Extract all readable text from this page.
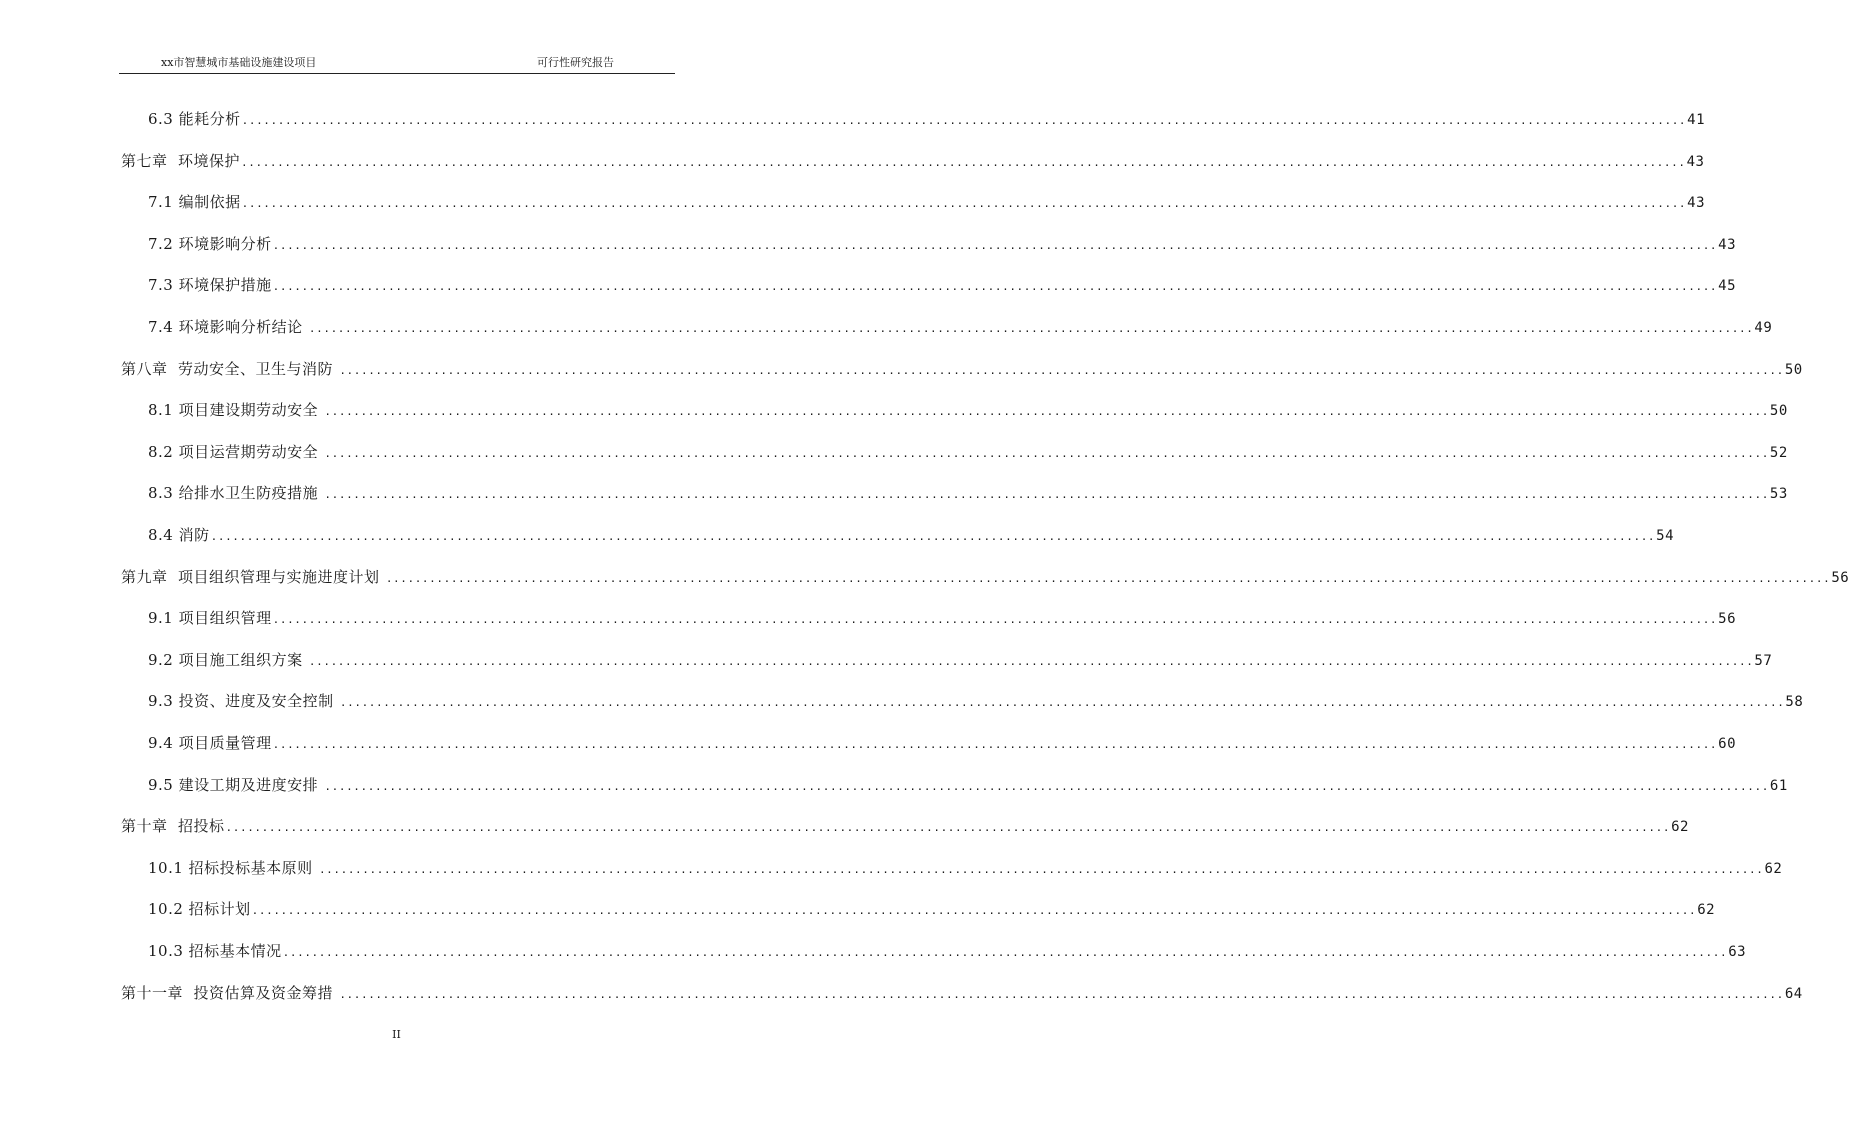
xx市智慧城市基础设施建设项目	可行性研究报告
6.3 能耗分析 ........................................................................................................................................................................................................ 41
第七章  环境保护 ........................................................................................................................................................................................................ 43
7.1 编制依据 ........................................................................................................................................................................................................ 43
7.2 环境影响分析 ........................................................................................................................................................................................................ 43
7.3 环境保护措施 ........................................................................................................................................................................................................ 45
7.4 环境影响分析结论 ........................................................................................................................................................................................................ 49
第八章  劳动安全、卫生与消防 ........................................................................................................................................................................................................ 50
8.1 项目建设期劳动安全 ........................................................................................................................................................................................................ 50
8.2 项目运营期劳动安全 ........................................................................................................................................................................................................ 52
8.3 给排水卫生防疫措施 ........................................................................................................................................................................................................ 53
8.4 消防 ........................................................................................................................................................................................................ 54
第九章  项目组织管理与实施进度计划 ........................................................................................................................................................................................................ 56
9.1 项目组织管理 ........................................................................................................................................................................................................ 56
9.2 项目施工组织方案 ........................................................................................................................................................................................................ 57
9.3 投资、进度及安全控制 ........................................................................................................................................................................................................ 58
9.4 项目质量管理 ........................................................................................................................................................................................................ 60
9.5 建设工期及进度安排 ........................................................................................................................................................................................................ 61
第十章  招投标 ........................................................................................................................................................................................................ 62
10.1 招标投标基本原则 ........................................................................................................................................................................................................ 62
10.2 招标计划 ........................................................................................................................................................................................................ 62
10.3 招标基本情况 ........................................................................................................................................................................................................ 63
第十一章  投资估算及资金筹措 ........................................................................................................................................................................................................ 64
II
